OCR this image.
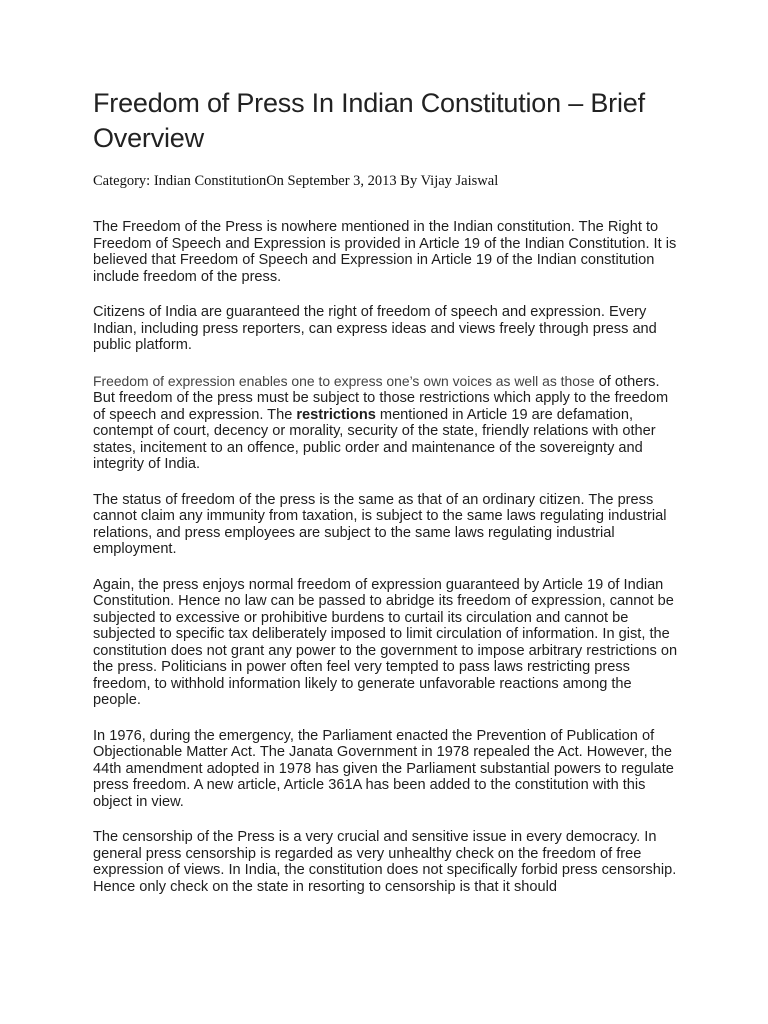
Freedom of Press In Indian Constitution – Brief Overview
Category: Indian ConstitutionOn September 3, 2013 By Vijay Jaiswal

The Freedom of the Press is nowhere mentioned in the Indian constitution. The Right to Freedom of Speech and Expression is provided in Article 19 of the Indian Constitution. It is believed that Freedom of Speech and Expression in Article 19 of the Indian constitution include freedom of the press.

Citizens of India are guaranteed the right of freedom of speech and expression. Every Indian, including press reporters, can express ideas and views freely through press and public platform.

Freedom of expression enables one to express one’s own voices as well as those of others. But freedom of the press must be subject to those restrictions which apply to the freedom of speech and expression. The restrictions mentioned in Article 19 are defamation, contempt of court, decency or morality, security of the state, friendly relations with other states, incitement to an offence, public order and maintenance of the sovereignty and integrity of India.

The status of freedom of the press is the same as that of an ordinary citizen. The press cannot claim any immunity from taxation, is subject to the same laws regulating industrial relations, and press employees are subject to the same laws regulating industrial employment.

Again, the press enjoys normal freedom of expression guaranteed by Article 19 of Indian Constitution. Hence no law can be passed to abridge its freedom of expression, cannot be subjected to excessive or prohibitive burdens to curtail its circulation and cannot be subjected to specific tax deliberately imposed to limit circulation of information. In gist, the constitution does not grant any power to the government to impose arbitrary restrictions on the press. Politicians in power often feel very tempted to pass laws restricting press freedom, to withhold information likely to generate unfavorable reactions among the people.

In 1976, during the emergency, the Parliament enacted the Prevention of Publication of Objectionable Matter Act. The Janata Government in 1978 repealed the Act. However, the 44th amendment adopted in 1978 has given the Parliament substantial powers to regulate press freedom. A new article, Article 361A has been added to the constitution with this object in view.

The censorship of the Press is a very crucial and sensitive issue in every democracy. In general press censorship is regarded as very unhealthy check on the freedom of free expression of views. In India, the constitution does not specifically forbid press censorship. Hence only check on the state in resorting to censorship is that it should
